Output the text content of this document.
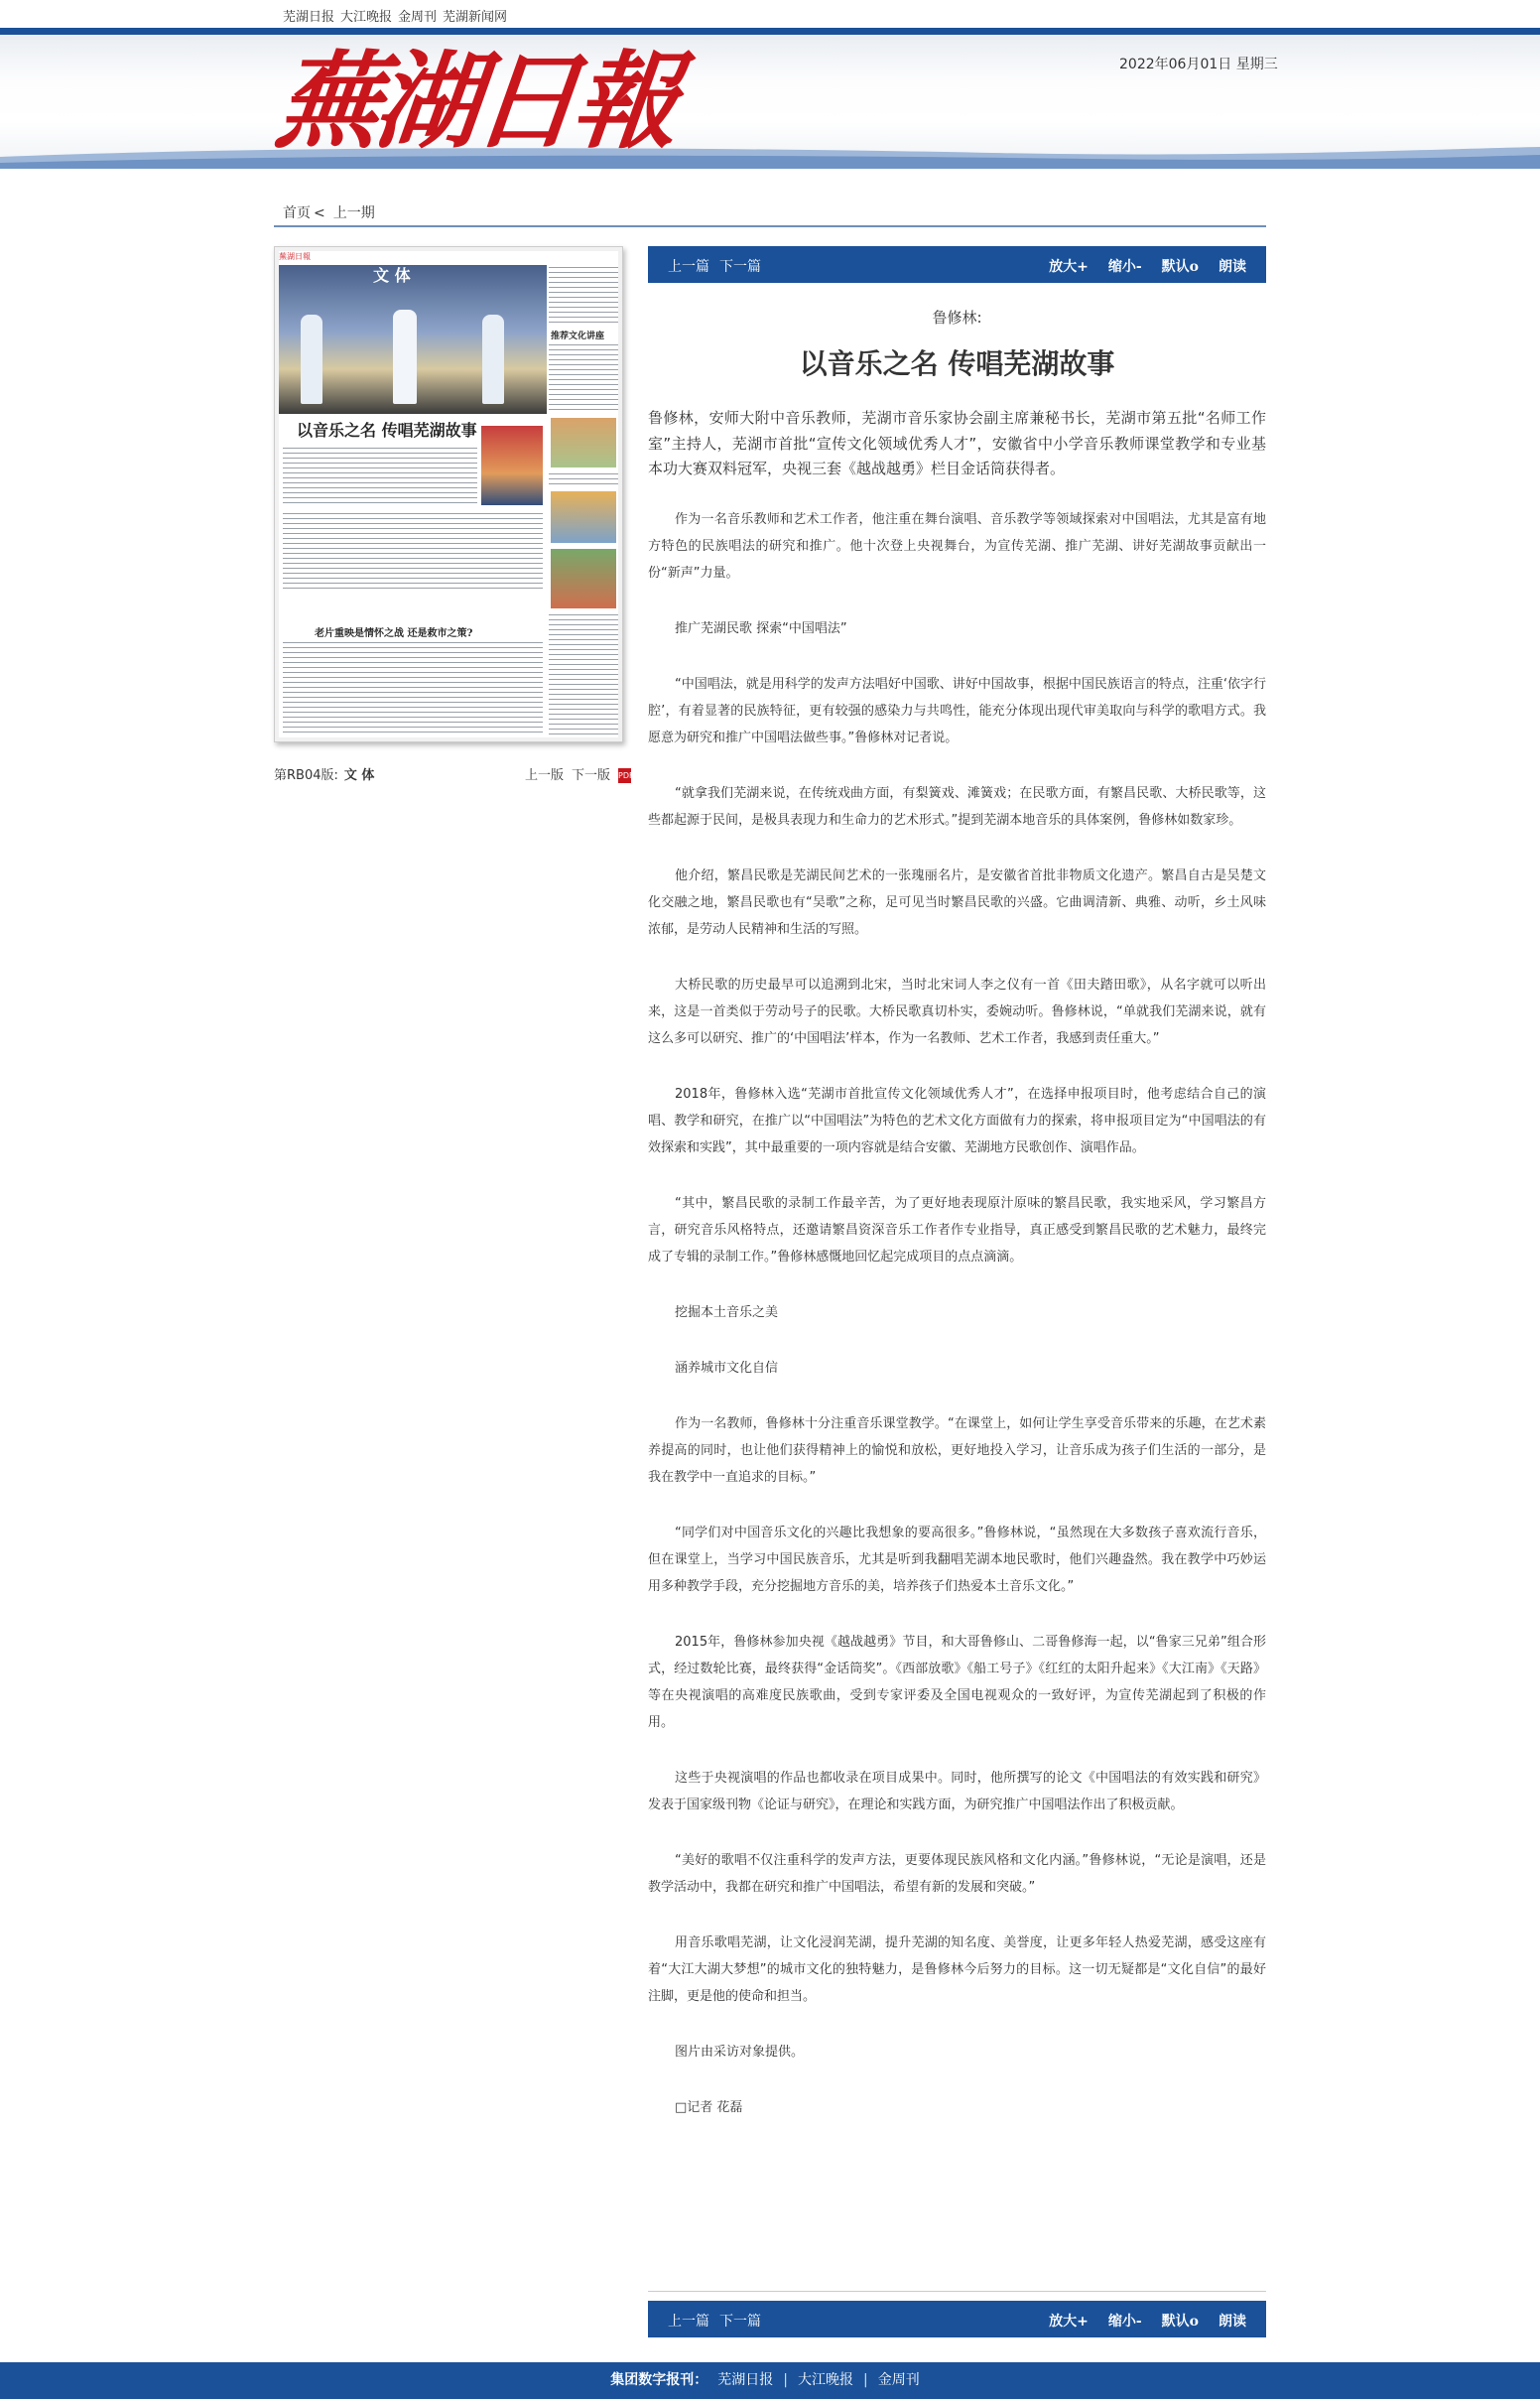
芜湖日报 大江晚报 金周刊 芜湖新闻网
蕪湖日報	2022年06月01日 星期三
首页 < 上一期
蕪湖日報
文 体
推荐文化讲座
以音乐之名 传唱芜湖故事
老片重映是情怀之战 还是救市之策?
第RB04版: 文 体	上一版 下一版 PDF
上一篇 下一篇	放大+ 缩小- 默认o 朗读
鲁修林:
以音乐之名 传唱芜湖故事
鲁修林，安师大附中音乐教师，芜湖市音乐家协会副主席兼秘书长，芜湖市第五批“名师工作室”主持人，芜湖市首批“宣传文化领域优秀人才”，安徽省中小学音乐教师课堂教学和专业基本功大赛双料冠军，央视三套《越战越勇》栏目金话筒获得者。

作为一名音乐教师和艺术工作者，他注重在舞台演唱、音乐教学等领域探索对中国唱法，尤其是富有地方特色的民族唱法的研究和推广。他十次登上央视舞台，为宣传芜湖、推广芜湖、讲好芜湖故事贡献出一份“新声”力量。

推广芜湖民歌 探索“中国唱法”

“中国唱法，就是用科学的发声方法唱好中国歌、讲好中国故事，根据中国民族语言的特点，注重‘依字行腔’，有着显著的民族特征，更有较强的感染力与共鸣性，能充分体现出现代审美取向与科学的歌唱方式。我愿意为研究和推广中国唱法做些事。”鲁修林对记者说。

“就拿我们芜湖来说，在传统戏曲方面，有梨簧戏、滩簧戏；在民歌方面，有繁昌民歌、大桥民歌等，这些都起源于民间，是极具表现力和生命力的艺术形式。”提到芜湖本地音乐的具体案例，鲁修林如数家珍。

他介绍，繁昌民歌是芜湖民间艺术的一张瑰丽名片，是安徽省首批非物质文化遗产。繁昌自古是吴楚文化交融之地，繁昌民歌也有“吴歌”之称，足可见当时繁昌民歌的兴盛。它曲调清新、典雅、动听，乡土风味浓郁，是劳动人民精神和生活的写照。

大桥民歌的历史最早可以追溯到北宋，当时北宋词人李之仪有一首《田夫踏田歌》，从名字就可以听出来，这是一首类似于劳动号子的民歌。大桥民歌真切朴实，委婉动听。鲁修林说，“单就我们芜湖来说，就有这么多可以研究、推广的‘中国唱法’样本，作为一名教师、艺术工作者，我感到责任重大。”

2018年，鲁修林入选“芜湖市首批宣传文化领域优秀人才”，在选择申报项目时，他考虑结合自己的演唱、教学和研究，在推广以“中国唱法”为特色的艺术文化方面做有力的探索，将申报项目定为“中国唱法的有效探索和实践”，其中最重要的一项内容就是结合安徽、芜湖地方民歌创作、演唱作品。

“其中，繁昌民歌的录制工作最辛苦，为了更好地表现原汁原味的繁昌民歌，我实地采风，学习繁昌方言，研究音乐风格特点，还邀请繁昌资深音乐工作者作专业指导，真正感受到繁昌民歌的艺术魅力，最终完成了专辑的录制工作。”鲁修林感慨地回忆起完成项目的点点滴滴。

挖掘本土音乐之美

涵养城市文化自信

作为一名教师，鲁修林十分注重音乐课堂教学。“在课堂上，如何让学生享受音乐带来的乐趣，在艺术素养提高的同时，也让他们获得精神上的愉悦和放松，更好地投入学习，让音乐成为孩子们生活的一部分，是我在教学中一直追求的目标。”

“同学们对中国音乐文化的兴趣比我想象的要高很多。”鲁修林说，“虽然现在大多数孩子喜欢流行音乐，但在课堂上，当学习中国民族音乐，尤其是听到我翻唱芜湖本地民歌时，他们兴趣盎然。我在教学中巧妙运用多种教学手段，充分挖掘地方音乐的美，培养孩子们热爱本土音乐文化。”

2015年，鲁修林参加央视《越战越勇》节目，和大哥鲁修山、二哥鲁修海一起，以“鲁家三兄弟”组合形式，经过数轮比赛，最终获得“金话筒奖”。《西部放歌》《船工号子》《红红的太阳升起来》《大江南》《天路》等在央视演唱的高难度民族歌曲，受到专家评委及全国电视观众的一致好评，为宣传芜湖起到了积极的作用。

这些于央视演唱的作品也都收录在项目成果中。同时，他所撰写的论文《中国唱法的有效实践和研究》发表于国家级刊物《论证与研究》，在理论和实践方面，为研究推广中国唱法作出了积极贡献。

“美好的歌唱不仅注重科学的发声方法，更要体现民族风格和文化内涵。”鲁修林说，“无论是演唱，还是教学活动中，我都在研究和推广中国唱法，希望有新的发展和突破。”

用音乐歌唱芜湖，让文化浸润芜湖，提升芜湖的知名度、美誉度，让更多年轻人热爱芜湖，感受这座有着“大江大湖大梦想”的城市文化的独特魅力，是鲁修林今后努力的目标。这一切无疑都是“文化自信”的最好注脚，更是他的使命和担当。

图片由采访对象提供。

□记者 花磊

上一篇 下一篇	放大+ 缩小- 默认o 朗读
集团数字报刊： 芜湖日报 | 大江晚报 | 金周刊
